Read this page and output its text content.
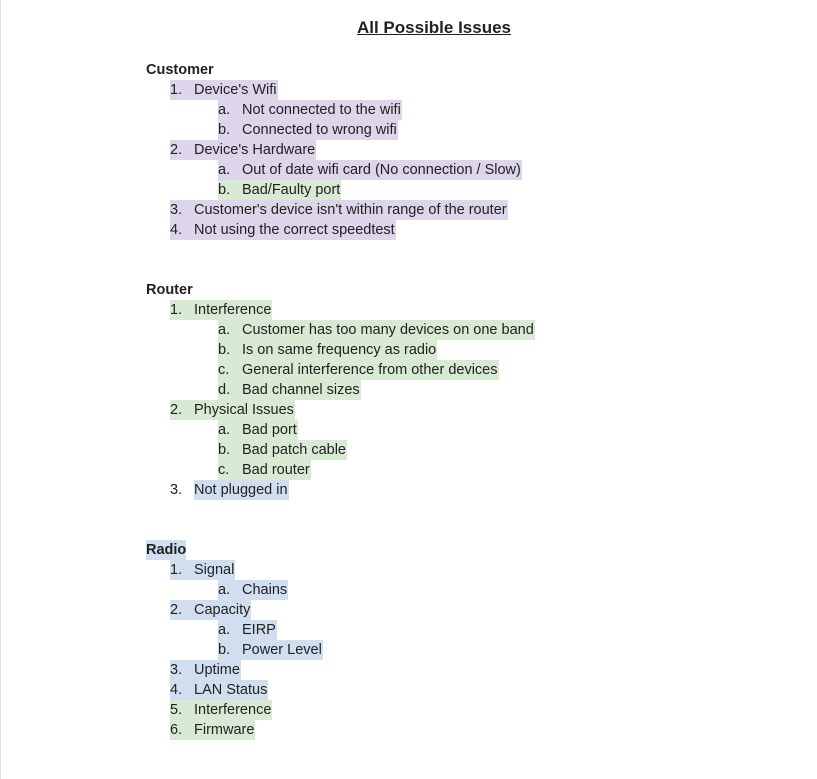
All Possible Issues
Customer
1. Device's Wifi
a. Not connected to the wifi
b. Connected to wrong wifi
2. Device's Hardware
a. Out of date wifi card (No connection / Slow)
b. Bad/Faulty port
3. Customer's device isn't within range of the router
4. Not using the correct speedtest
Router
1. Interference
a. Customer has too many devices on one band
b. Is on same frequency as radio
c. General interference from other devices
d. Bad channel sizes
2. Physical Issues
a. Bad port
b. Bad patch cable
c. Bad router
3. Not plugged in
Radio
1. Signal
a. Chains
2. Capacity
a. EIRP
b. Power Level
3. Uptime
4. LAN Status
5. Interference
6. Firmware
